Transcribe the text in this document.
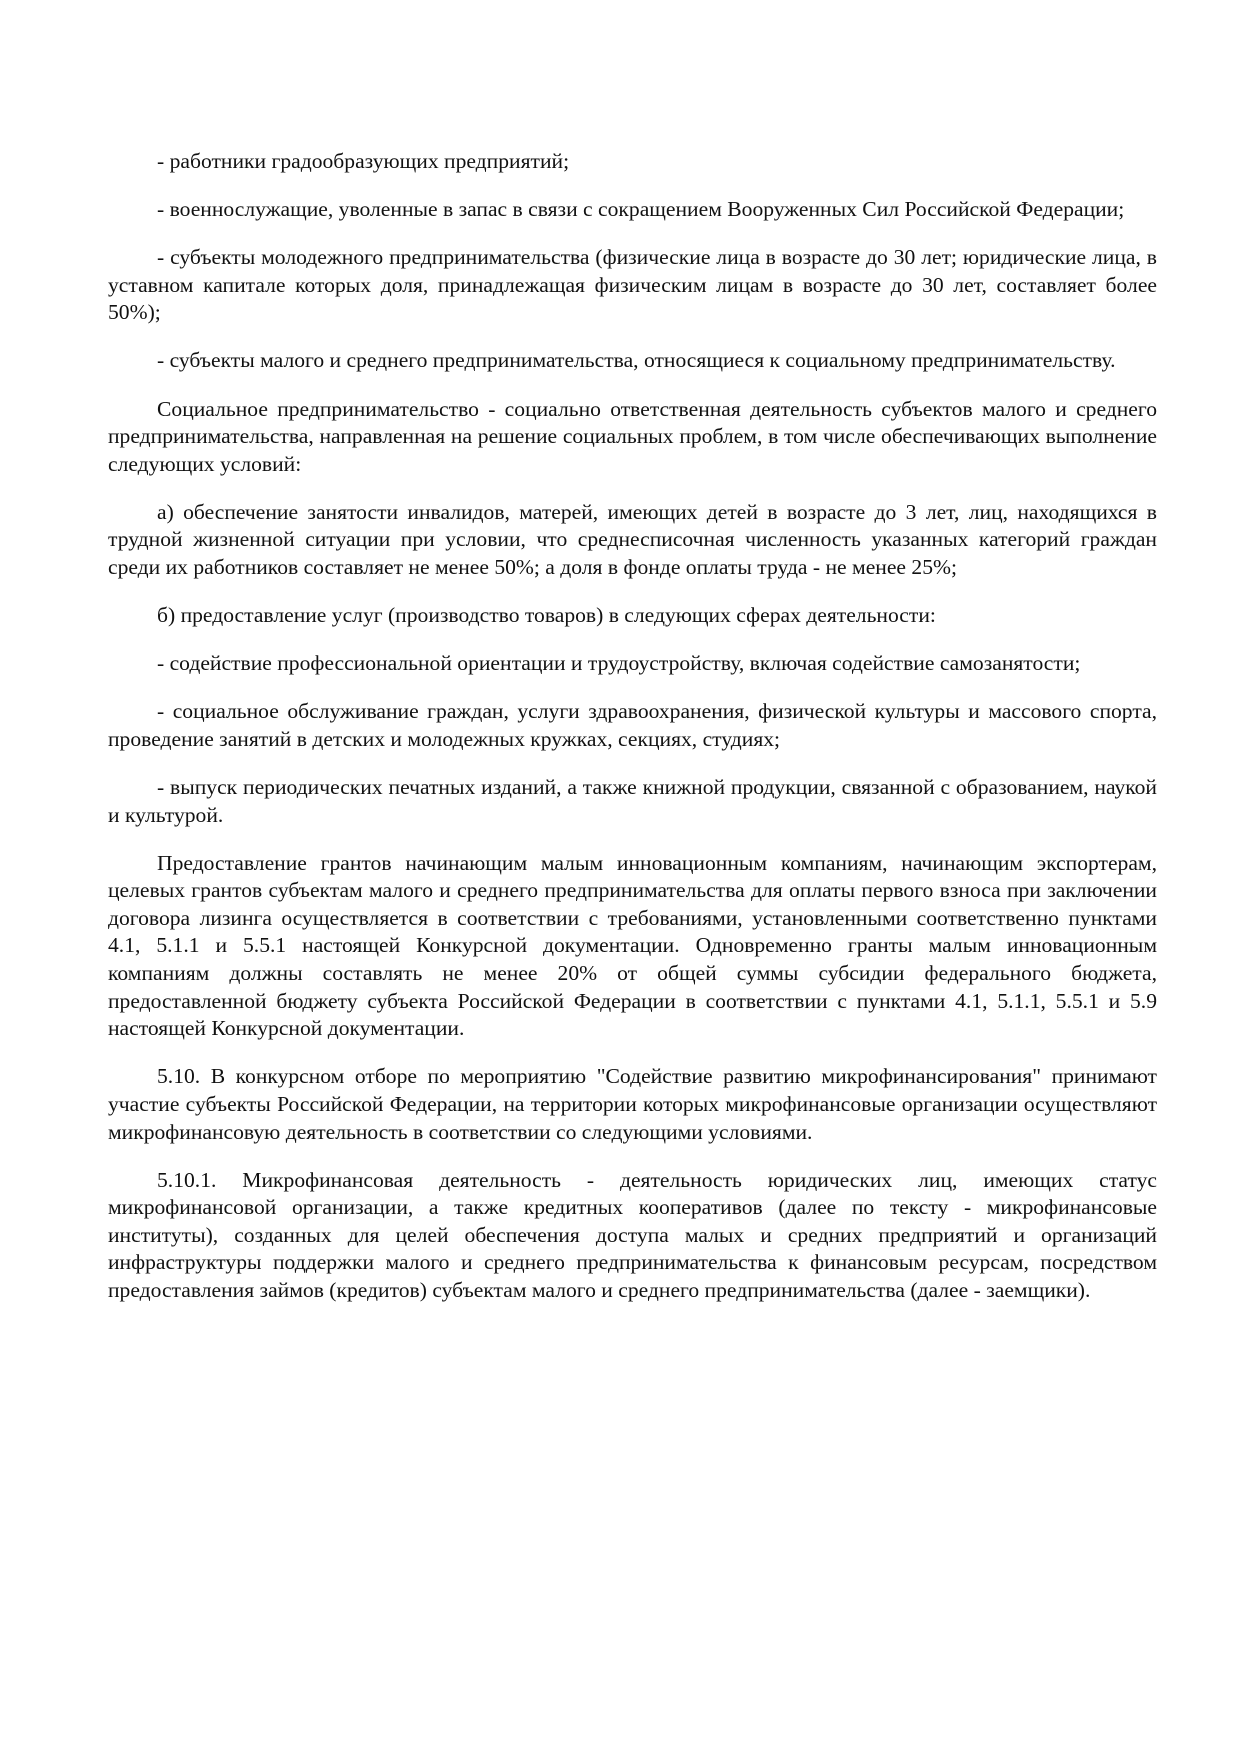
- работники градообразующих предприятий;

- военнослужащие, уволенные в запас в связи с сокращением Вооруженных Сил Российской Федерации;

- субъекты молодежного предпринимательства (физические лица в возрасте до 30 лет; юридические лица, в уставном капитале которых доля, принадлежащая физическим лицам в возрасте до 30 лет, составляет более 50%);

- субъекты малого и среднего предпринимательства, относящиеся к социальному предпринимательству.

Социальное предпринимательство - социально ответственная деятельность субъектов малого и среднего предпринимательства, направленная на решение социальных проблем, в том числе обеспечивающих выполнение следующих условий:

а) обеспечение занятости инвалидов, матерей, имеющих детей в возрасте до 3 лет, лиц, находящихся в трудной жизненной ситуации при условии, что среднесписочная численность указанных категорий граждан среди их работников составляет не менее 50%; а доля в фонде оплаты труда - не менее 25%;

б) предоставление услуг (производство товаров) в следующих сферах деятельности:

- содействие профессиональной ориентации и трудоустройству, включая содействие самозанятости;

- социальное обслуживание граждан, услуги здравоохранения, физической культуры и массового спорта, проведение занятий в детских и молодежных кружках, секциях, студиях;

- выпуск периодических печатных изданий, а также книжной продукции, связанной с образованием, наукой и культурой.

Предоставление грантов начинающим малым инновационным компаниям, начинающим экспортерам, целевых грантов субъектам малого и среднего предпринимательства для оплаты первого взноса при заключении договора лизинга осуществляется в соответствии с требованиями, установленными соответственно пунктами 4.1, 5.1.1 и 5.5.1 настоящей Конкурсной документации. Одновременно гранты малым инновационным компаниям должны составлять не менее 20% от общей суммы субсидии федерального бюджета, предоставленной бюджету субъекта Российской Федерации в соответствии с пунктами 4.1, 5.1.1, 5.5.1 и 5.9 настоящей Конкурсной документации.

5.10. В конкурсном отборе по мероприятию "Содействие развитию микрофинансирования" принимают участие субъекты Российской Федерации, на территории которых микрофинансовые организации осуществляют микрофинансовую деятельность в соответствии со следующими условиями.

5.10.1. Микрофинансовая деятельность - деятельность юридических лиц, имеющих статус микрофинансовой организации, а также кредитных кооперативов (далее по тексту - микрофинансовые институты), созданных для целей обеспечения доступа малых и средних предприятий и организаций инфраструктуры поддержки малого и среднего предпринимательства к финансовым ресурсам, посредством предоставления займов (кредитов) субъектам малого и среднего предпринимательства (далее - заемщики).
